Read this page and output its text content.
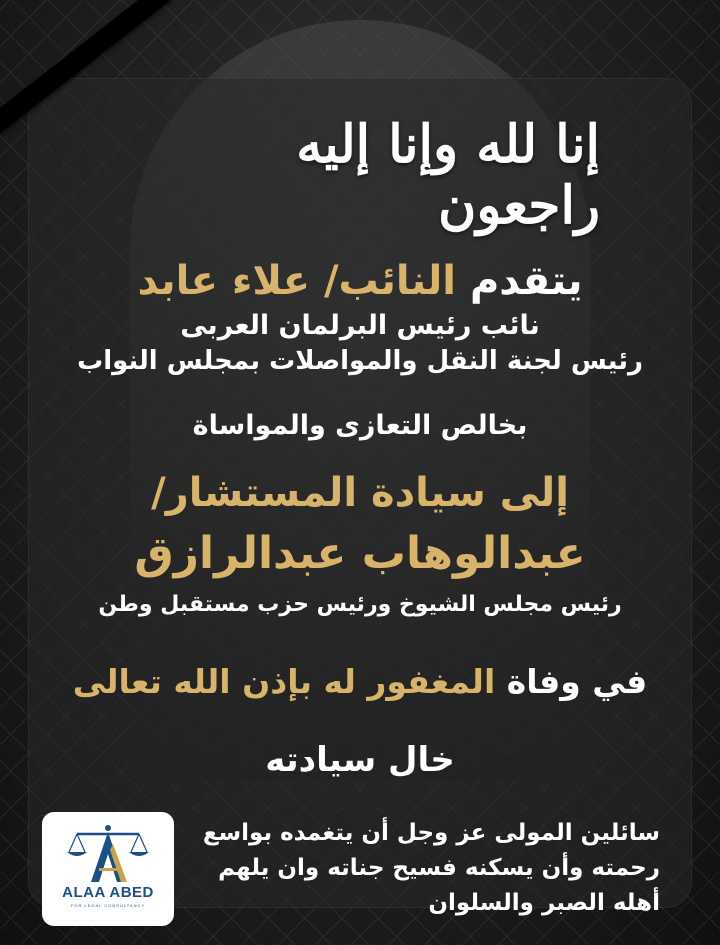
إنا لله وإنا إليه راجعون
يتقدم النائب/ علاء عابد
نائب رئيس البرلمان العربى
رئيس لجنة النقل والمواصلات بمجلس النواب
بخالص التعازى والمواساة
إلى سيادة المستشار/
عبدالوهاب عبدالرازق
رئيس مجلس الشيوخ ورئيس حزب مستقبل وطن
في وفاة المغفور له بإذن الله تعالى
خال سيادته
سائلين المولى عز وجل أن يتغمده بواسع
رحمته وأن يسكنه فسيح جناته وان يلهم
أهله الصبر والسلوان
ALAA ABED
FOR LEGAL CONSULTANCY
